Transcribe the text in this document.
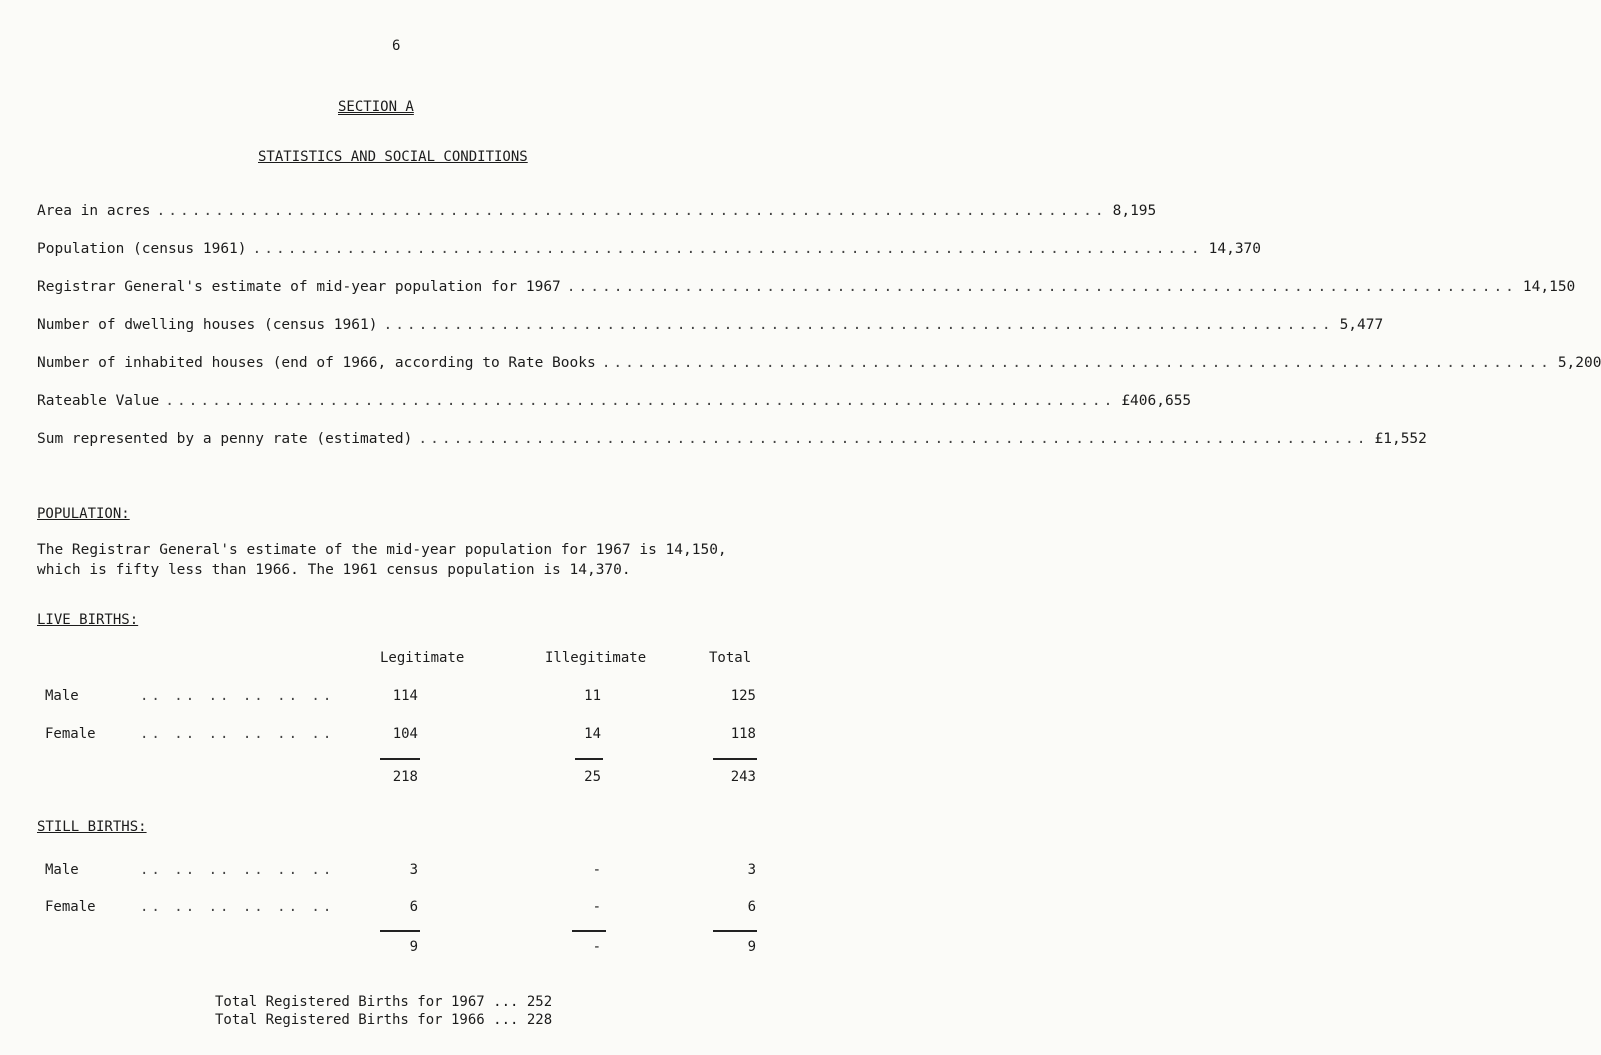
6
SECTION A
STATISTICS AND SOCIAL CONDITIONS
Area in acres ................................................................................. 8,195
Population (census 1961) ................................................................................. 14,370
Registrar General's estimate of mid-year population for 1967 ................................................................................. 14,150
Number of dwelling houses (census 1961) ................................................................................. 5,477
Number of inhabited houses (end of 1966, according to Rate Books ................................................................................. 5,200
Rateable Value ................................................................................. £406,655
Sum represented by a penny rate (estimated) ................................................................................. £1,552
POPULATION:
The Registrar General's estimate of the mid-year population for 1967 is 14,150, which is fifty less than 1966. The 1961 census population is 14,370.
LIVE BIRTHS:
Legitimate	Illegitimate	Total
Male	.. .. .. .. .. ..	114	11	125
Female	.. .. .. .. .. ..	104	14	118
218	25	243
STILL BIRTHS:
Male	.. .. .. .. .. ..	3	-	3
Female	.. .. .. .. .. ..	6	-	6
9	-	9
Total Registered Births for 1967 ... 252
Total Registered Births for 1966 ... 228
